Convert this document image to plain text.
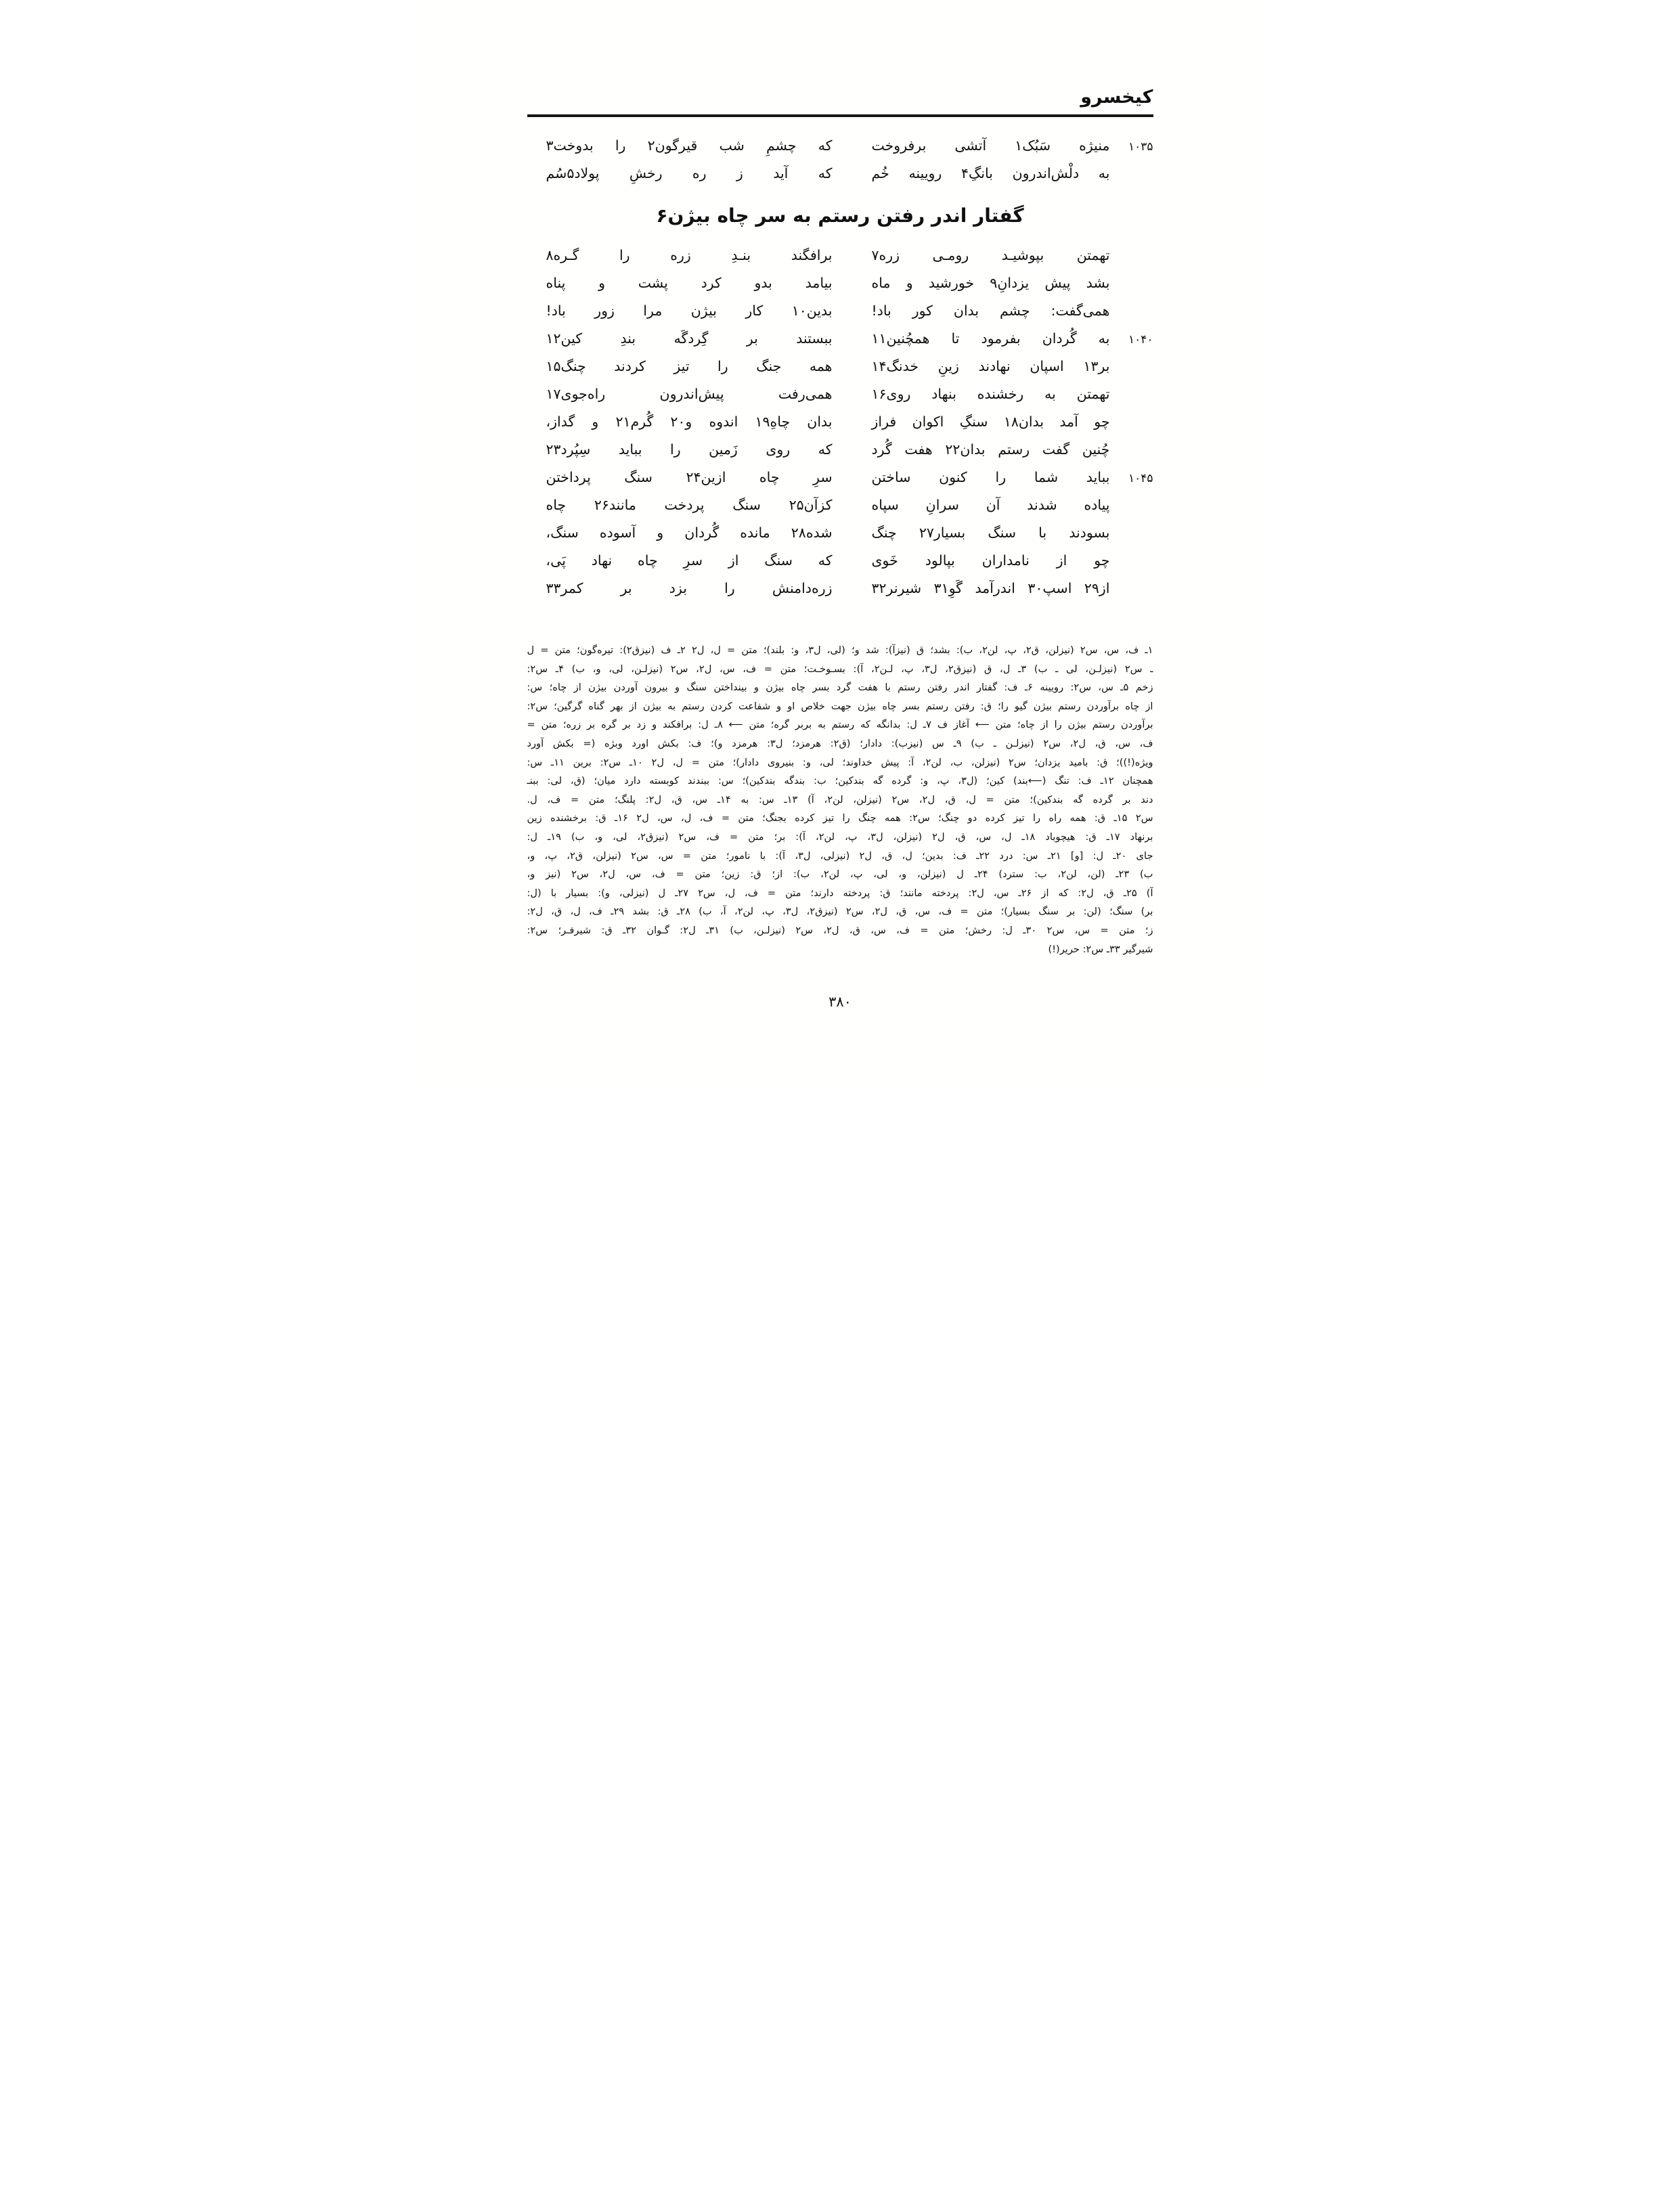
کیخسرو
۱۰۳۵
منیژه سَبُک۱ آتشی برفروخت
که چشمِ شب قیرگون۲ را بدوخت۳
به دلْش‌اندرون بانگِ۴ رویینه خُم
که آید ز ره رخشِ پولاد۵سُم
گفتار اندر رفتن رستم به سر چاه بیژن۶
تهمتن بپوشیـد رومـی زره۷
برافگند بنـدِ زره را گـره۸
بشد پیش یزدانِ۹ خورشید و ماه
بیامد بدو کرد پشت و پناه
همی‌گفت: چشم بدان کور باد!
بدین۱۰ کار بیژن مرا زور باد!
۱۰۴۰
به گُردان بفرمود تا همچُنین۱۱
ببستند بر گِردگَه بندِ کین۱۲
بر۱۳ اسپان نهادند زینِ خدنگ۱۴
همه جنگ را تیز کردند چنگ۱۵
تهمتن به رخشنده بنهاد روی۱۶
همی‌رفت پیش‌اندرون راه‌جوی۱۷
چو آمد بدان۱۸ سنگِ اکوان فراز
بدان چاهِ۱۹ اندوه و۲۰ گُرم۲۱ و گداز،
چُنین گفت رستم بدان۲۲ هفت گُرد
که روی زَمین را بباید سِپُرد۲۳
۱۰۴۵
بباید شما را کنون ساختن
سرِ چاه ازین۲۴ سنگ پرداختن
پیاده شدند آن سرانِ سپاه
کزآن۲۵ سنگ پردخت مانند۲۶ چاه
بسودند با سنگ بسیار۲۷ چنگ
شده۲۸ مانده گُردان و آسوده سنگ،
چو از نامداران بپالود خَوی
که سنگ از سرِ چاه نهاد پَی،
از۲۹ اسپ۳۰ اندرآمد گَوِ۳۱ شیرنر۳۲
زره‌دامنش را بزد بر کمر۳۳
۱ـ ف، س، س۲ (نیزلن، ق۲، پ، لن۲، ب): بشد؛ ق (نیزآ): شد و؛ (لی، ل۳، و: بلند)؛ متن = ل، ل۲ ۲ـ ف (نیزق۲): تیره‌گون؛ متن = ل
ـ س۲ (نیزلـن، لی ـ ب) ۳ـ ل، ق (نیزق۲، ل۳، پ، لـن۲، آ): بسـوخـت؛ متن = ف، س، ل۲، س۲ (نیزلـن، لی، و، ب) ۴ـ س۲:
زخم ۵ـ س، س۲: رویینه ۶ـ ف: گفتار اندر رفتن رستم با هفت گرد بسر چاه بیژن و بینداختن سنگ و بیرون آوردن بیژن از چاه؛ س:
از چاه برآوردن رستم بیژن گیو را؛ ق: رفتن رستم بسر چاه بیژن جهت خلاص او و شفاعت کردن رستم به بیژن از بهر گناه گرگین؛ س۲:
برآوردن رستم بیژن را از چاه؛ متن ⟵ آغاز ف ۷ـ ل: بدانگه که رستم به بربر گره؛ متن ⟵ ۸ـ ل: برافکند و زد بر گره بر زره؛ متن =
ف، س، ق، ل۲، س۲ (نیزلـن ـ ب) ۹ـ س (نیزب): دادار؛ (ق۲: هرمزد؛ ل۳: هرمزد و)؛ ف: بکش اورد وبژه (= بکش آورد
ویژه(!))؛ ق: بامید یزدان؛ س۲ (نیزلن، ب، لن۲، آ: پیش خداوند؛ لی، و: بنیروی دادار)؛ متن = ل، ل۲ ۱۰ـ س۲: برین ۱۱ـ س:
همچنان ۱۲ـ ف: تنگ (⟵بند) کین؛ (ل۳، پ، و: گرده گه بندکین؛ ب: بندگه بندکین)؛ س: ببندند کوبسته دارد میان؛ (ق، لی: ببنـ
دند بر گرده گه بندکین)؛ متن = ل، ق، ل۲، س۲ (نیزلن، لن۲، آ) ۱۳ـ س: به ۱۴ـ س، ق، ل۲: پلنگ؛ متن = ف، ل.
س۲ ۱۵ـ ق: همه راه را تیز کرده دو چنگ؛ س۲: همه چنگ را تیز کرده بجنگ؛ متن = ف، ل، س، ل۲ ۱۶ـ ق: برخشنده زین
برنهاد ۱۷ـ ق: هیچوباد ۱۸ـ ل، س، ق، ل۲ (نیزلن، ل۳، پ، لن۲، آ): بر؛ متن = ف، س۲ (نیزق۲، لی، و، ب) ۱۹ـ ل:
جای ۲۰ـ ل: [و] ۲۱ـ س: درد ۲۲ـ ف: بدین؛ ل، ق، ل۲ (نیزلی، ل۳، آ): با نامور؛ متن = س، س۲ (نیزلن، ق۲، پ، و،
ب) ۲۳ـ (لن، لن۲، ب: سترد) ۲۴ـ ل (نیزلن، و، لی، پ، لن۲، ب): از؛ ق: زین؛ متن = ف، س، ل۲، س۲ (نیز و،
آ) ۲۵ـ ق، ل۲: که از ۲۶ـ س، ل۲: پردخته مانند؛ ق: پردخته دارند؛ متن = ف، ل، س۲ ۲۷ـ ل (نیزلی، و): بسیار با (ل:
بر) سنگ؛ (لن: بر سنگ بسیار)؛ متن = ف، س، ق، ل۲، س۲ (نیزق۲، ل۳، پ، لن۲، آ، ب) ۲۸ـ ق: بشد ۲۹ـ ف، ل، ق، ل۲:
ز؛ متن = س، س۲ ۳۰ـ ل: رخش؛ متن = ف، س، ق، ل۲، س۲ (نیزلـن، ب) ۳۱ـ ل۲: گـوان ۳۲ـ ق: شیرفـر؛ س۲:
شیرگیر ۳۳ـ س۲: حریر(!)
۳۸۰
